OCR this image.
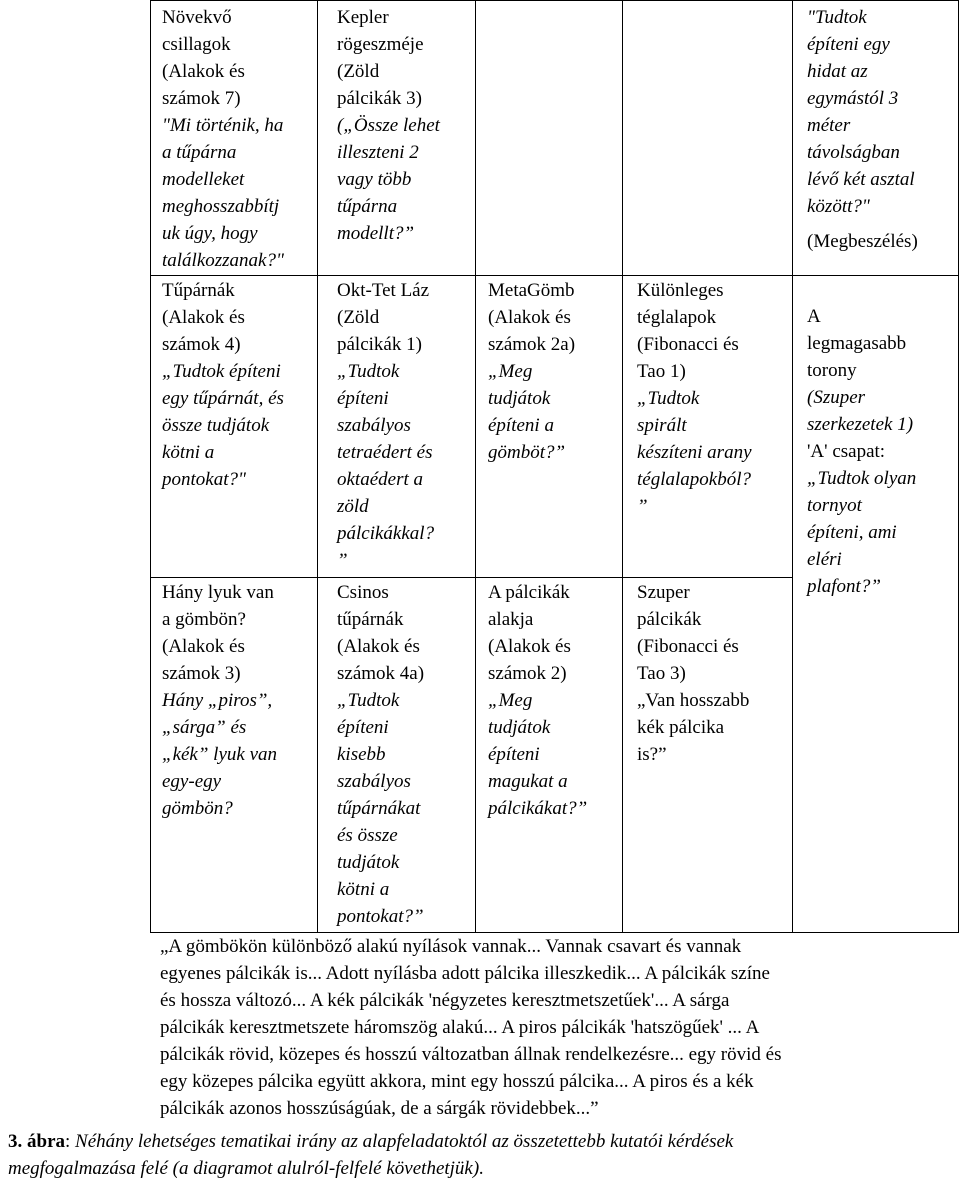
Növekvő
csillagok
(Alakok és
számok 7)
"Mi történik, ha
a tűpárna
modelleket
meghosszabbítj
uk úgy, hogy
találkozzanak?"
Tűpárnák
(Alakok és
számok 4)
„Tudtok építeni
egy tűpárnát, és
össze tudjátok
kötni a
pontokat?"
Hány lyuk van
a gömbön?
(Alakok és
számok 3)
Hány „piros”,
„sárga” és
„kék” lyuk van
egy-egy
gömbön?
Kepler
rögeszméje
(Zöld
pálcikák 3)
(„Össze lehet
illeszteni 2
vagy több
tűpárna
modellt?”
Okt-Tet Láz
(Zöld
pálcikák 1)
„Tudtok
építeni
szabályos
tetraédert és
oktaédert a
zöld
pálcikákkal?
”
Csinos
tűpárnák
(Alakok és
számok 4a)
„Tudtok
építeni
kisebb
szabályos
tűpárnákat
és össze
tudjátok
kötni a
pontokat?”
MetaGömb
(Alakok és
számok 2a)
„Meg
tudjátok
építeni a
gömböt?”
A pálcikák
alakja
(Alakok és
számok 2)
„Meg
tudjátok
építeni
magukat a
pálcikákat?”
Különleges
téglalapok
(Fibonacci és
Tao 1)
„Tudtok
spirált
készíteni arany
téglalapokból?
”
Szuper
pálcikák
(Fibonacci és
Tao 3)
„Van hosszabb
kék pálcika
is?”
"Tudtok
építeni egy
hidat az
egymástól 3
méter
távolságban
lévő két asztal
között?"
(Megbeszélés)
A
legmagasabb
torony
(Szuper
szerkezetek 1)
'A' csapat:
„Tudtok olyan
tornyot
építeni, ami
eléri
plafont?”
„A gömbökön különböző alakú nyílások vannak... Vannak csavart és vannak
egyenes pálcikák is... Adott nyílásba adott pálcika illeszkedik... A pálcikák színe
és hossza változó... A kék pálcikák 'négyzetes keresztmetszetűek'... A sárga
pálcikák keresztmetszete háromszög alakú... A piros pálcikák 'hatszögűek' ... A
pálcikák rövid, közepes és hosszú változatban állnak rendelkezésre... egy rövid és
egy közepes pálcika együtt akkora, mint egy hosszú pálcika... A piros és a kék
pálcikák azonos hosszúságúak, de a sárgák rövidebbek...”
3. ábra: Néhány lehetséges tematikai irány az alapfeladatoktól az összetettebb kutatói kérdések
megfogalmazása felé (a diagramot alulról-felfelé követhetjük).
